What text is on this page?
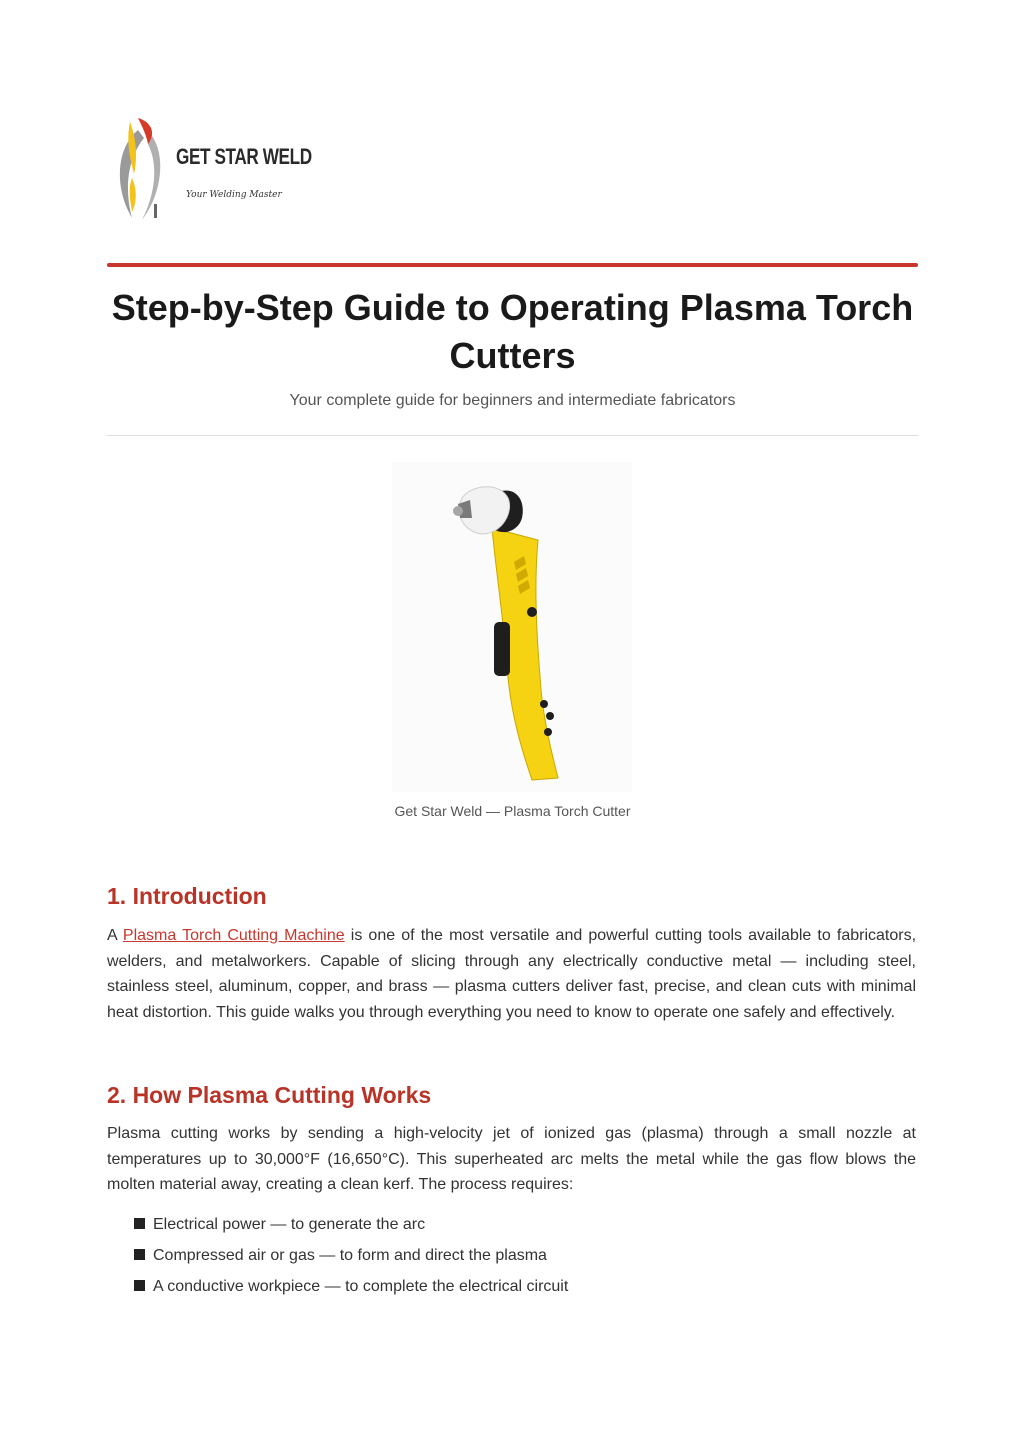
GET STAR WELD
Your Welding Master
Step-by-Step Guide to Operating Plasma Torch Cutters
Your complete guide for beginners and intermediate fabricators
Get Star Weld — Plasma Torch Cutter
1. Introduction

A Plasma Torch Cutting Machine is one of the most versatile and powerful cutting tools available to fabricators, welders, and metalworkers. Capable of slicing through any electrically conductive metal — including steel, stainless steel, aluminum, copper, and brass — plasma cutters deliver fast, precise, and clean cuts with minimal heat distortion. This guide walks you through everything you need to know to operate one safely and effectively.

2. How Plasma Cutting Works

Plasma cutting works by sending a high-velocity jet of ionized gas (plasma) through a small nozzle at temperatures up to 30,000°F (16,650°C). This superheated arc melts the metal while the gas flow blows the molten material away, creating a clean kerf. The process requires:

Electrical power — to generate the arc
Compressed air or gas — to form and direct the plasma
A conductive workpiece — to complete the electrical circuit
